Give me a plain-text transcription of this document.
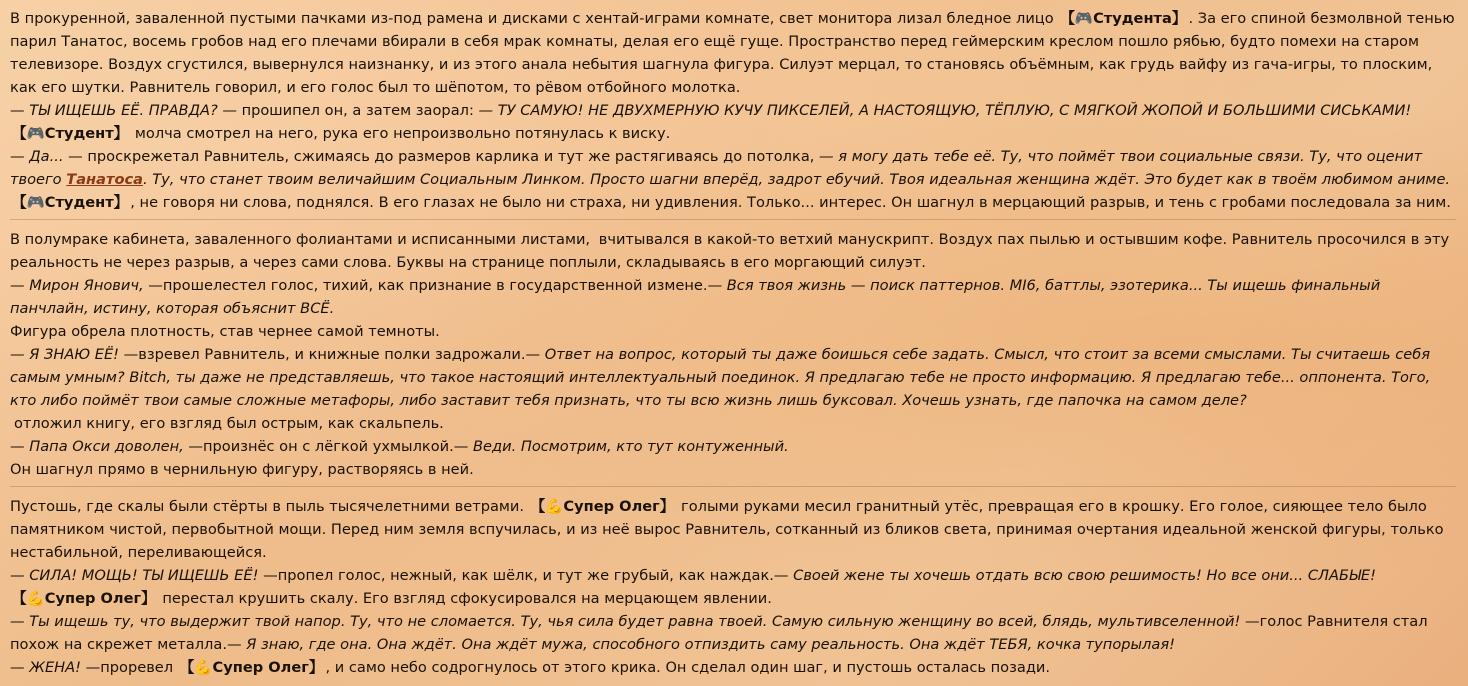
В прокуренной, заваленной пустыми пачками из-под рамена и дисками с хентай-играми комнате, свет монитора лизал бледное лицо 【🎮Студента】 . За его спиной безмолвной тенью парил Танатос, восемь гробов над его плечами вбирали в себя мрак комнаты, делая его ещё гуще. Пространство перед геймерским креслом пошло рябью, будто помехи на старом телевизоре. Воздух сгустился, вывернулся наизнанку, и из этого анала небытия шагнула фигура. Силуэт мерцал, то становясь объёмным, как грудь вайфу из гача-игры, то плоским, как его шутки. Равнитель говорил, и его голос был то шёпотом, то рёвом отбойного молотка.

— ТЫ ИЩЕШЬ ЕЁ. ПРАВДА? — прошипел он, а затем заорал: — ТУ САМУЮ! НЕ ДВУХМЕРНУЮ КУЧУ ПИКСЕЛЕЙ, А НАСТОЯЩУЮ, ТЁПЛУЮ, С МЯГКОЙ ЖОПОЙ И БОЛЬШИМИ СИСЬКАМИ!

【🎮Студент】 молча смотрел на него, рука его непроизвольно потянулась к виску.

— Да... — проскрежетал Равнитель, сжимаясь до размеров карлика и тут же растягиваясь до потолка, — я могу дать тебе её. Ту, что поймёт твои социальные связи. Ту, что оценит твоего Танатоса. Ту, что станет твоим величайшим Социальным Линком. Просто шагни вперёд, задрот ебучий. Твоя идеальная женщина ждёт. Это будет как в твоём любимом аниме.

【🎮Студент】 , не говоря ни слова, поднялся. В его глазах не было ни страха, ни удивления. Только... интерес. Он шагнул в мерцающий разрыв, и тень с гробами последовала за ним.

В полумраке кабинета, заваленного фолиантами и исписанными листами, вчитывался в какой-то ветхий манускрипт. Воздух пах пылью и остывшим кофе. Равнитель просочился в эту реальность не через разрыв, а через сами слова. Буквы на странице поплыли, складываясь в его моргающий силуэт.

— Мирон Янович, —прошелестел голос, тихий, как признание в государственной измене.— Вся твоя жизнь — поиск паттернов. MI6, баттлы, эзотерика... Ты ищешь финальный панчлайн, истину, которая объяснит ВСЁ.

Фигура обрела плотность, став чернее самой темноты.

— Я ЗНАЮ ЕЁ! —взревел Равнитель, и книжные полки задрожали.— Ответ на вопрос, который ты даже боишься себе задать. Смысл, что стоит за всеми смыслами. Ты считаешь себя самым умным? Bitch, ты даже не представляешь, что такое настоящий интеллектуальный поединок. Я предлагаю тебе не просто информацию. Я предлагаю тебе... оппонента. Того, кто либо поймёт твои самые сложные метафоры, либо заставит тебя признать, что ты всю жизнь лишь буксовал. Хочешь узнать, где папочка на самом деле?

отложил книгу, его взгляд был острым, как скальпель.

— Папа Окси доволен, —произнёс он с лёгкой ухмылкой.— Веди. Посмотрим, кто тут контуженный.

Он шагнул прямо в чернильную фигуру, растворяясь в ней.

Пустошь, где скалы были стёрты в пыль тысячелетними ветрами. 【💪Супер Олег】 голыми руками месил гранитный утёс, превращая его в крошку. Его голое, сияющее тело было памятником чистой, первобытной мощи. Перед ним земля вспучилась, и из неё вырос Равнитель, сотканный из бликов света, принимая очертания идеальной женской фигуры, только нестабильной, переливающейся.

— СИЛА! МОЩЬ! ТЫ ИЩЕШЬ ЕЁ! —пропел голос, нежный, как шёлк, и тут же грубый, как наждак.— Своей жене ты хочешь отдать всю свою решимость! Но все они... СЛАБЫЕ!

【💪Супер Олег】 перестал крушить скалу. Его взгляд сфокусировался на мерцающем явлении.

— Ты ищешь ту, что выдержит твой напор. Ту, что не сломается. Ту, чья сила будет равна твоей. Самую сильную женщину во всей, блядь, мультивселенной! —голос Равнителя стал похож на скрежет металла.— Я знаю, где она. Она ждёт. Она ждёт мужа, способного отпиздить саму реальность. Она ждёт ТЕБЯ, кочка тупорылая!

— ЖЕНА! —проревел 【💪Супер Олег】 , и само небо содрогнулось от этого крика. Он сделал один шаг, и пустошь осталась позади.
